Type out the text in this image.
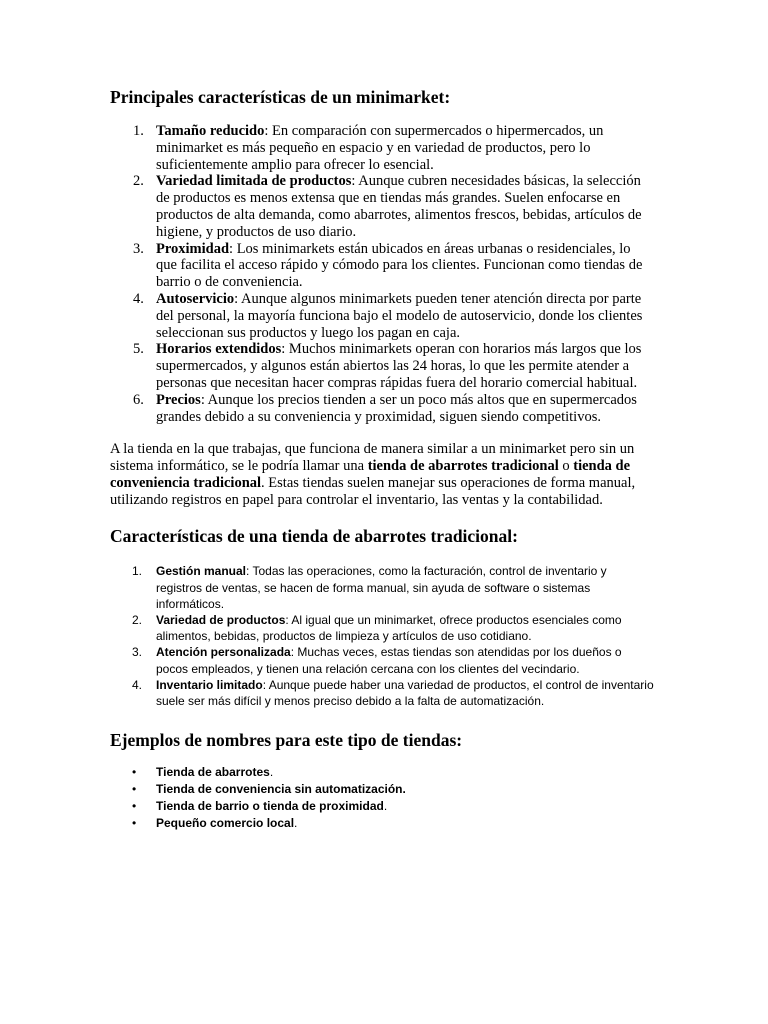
Principales características de un minimarket:
1. Tamaño reducido: En comparación con supermercados o hipermercados, un minimarket es más pequeño en espacio y en variedad de productos, pero lo suficientemente amplio para ofrecer lo esencial.
2. Variedad limitada de productos: Aunque cubren necesidades básicas, la selección de productos es menos extensa que en tiendas más grandes. Suelen enfocarse en productos de alta demanda, como abarrotes, alimentos frescos, bebidas, artículos de higiene, y productos de uso diario.
3. Proximidad: Los minimarkets están ubicados en áreas urbanas o residenciales, lo que facilita el acceso rápido y cómodo para los clientes. Funcionan como tiendas de barrio o de conveniencia.
4. Autoservicio: Aunque algunos minimarkets pueden tener atención directa por parte del personal, la mayoría funciona bajo el modelo de autoservicio, donde los clientes seleccionan sus productos y luego los pagan en caja.
5. Horarios extendidos: Muchos minimarkets operan con horarios más largos que los supermercados, y algunos están abiertos las 24 horas, lo que les permite atender a personas que necesitan hacer compras rápidas fuera del horario comercial habitual.
6. Precios: Aunque los precios tienden a ser un poco más altos que en supermercados grandes debido a su conveniencia y proximidad, siguen siendo competitivos.

A la tienda en la que trabajas, que funciona de manera similar a un minimarket pero sin un sistema informático, se le podría llamar una tienda de abarrotes tradicional o tienda de conveniencia tradicional. Estas tiendas suelen manejar sus operaciones de forma manual, utilizando registros en papel para controlar el inventario, las ventas y la contabilidad.

Características de una tienda de abarrotes tradicional:
1. Gestión manual: Todas las operaciones, como la facturación, control de inventario y registros de ventas, se hacen de forma manual, sin ayuda de software o sistemas informáticos.
2. Variedad de productos: Al igual que un minimarket, ofrece productos esenciales como alimentos, bebidas, productos de limpieza y artículos de uso cotidiano.
3. Atención personalizada: Muchas veces, estas tiendas son atendidas por los dueños o pocos empleados, y tienen una relación cercana con los clientes del vecindario.
4. Inventario limitado: Aunque puede haber una variedad de productos, el control de inventario suele ser más difícil y menos preciso debido a la falta de automatización.
Ejemplos de nombres para este tipo de tiendas:
• Tienda de abarrotes.
• Tienda de conveniencia sin automatización.
• Tienda de barrio o tienda de proximidad.
• Pequeño comercio local.
